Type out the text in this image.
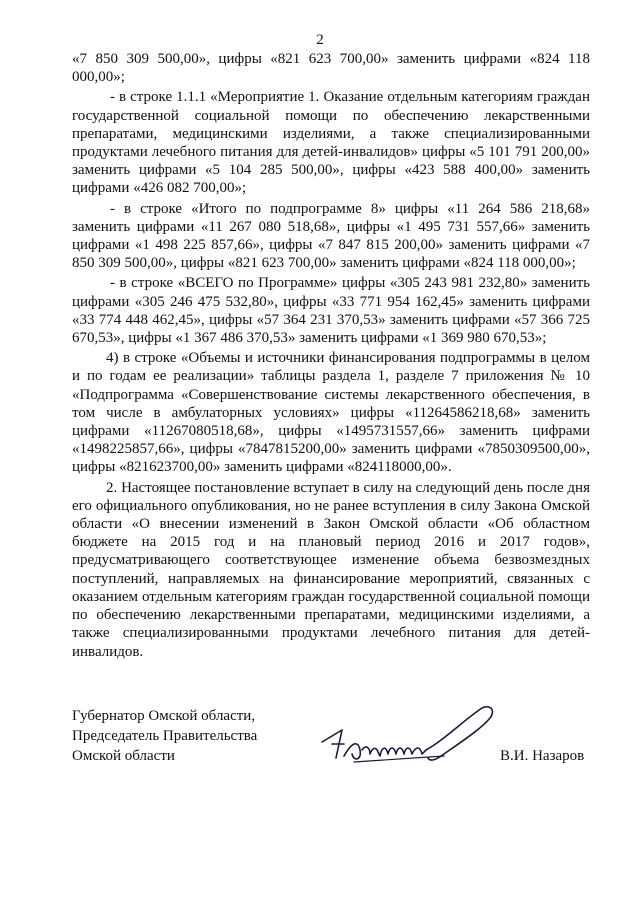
2

«7 850 309 500,00», цифры «821 623 700,00» заменить цифрами «824 118 000,00»;

- в строке 1.1.1 «Мероприятие 1. Оказание отдельным категориям граждан государственной социальной помощи по обеспечению лекарственными препаратами, медицинскими изделиями, а также специализированными продуктами лечебного питания для детей-инвалидов» цифры «5 101 791 200,00» заменить цифрами «5 104 285 500,00», цифры «423 588 400,00» заменить цифрами «426 082 700,00»;

- в строке «Итого по подпрограмме 8» цифры «11 264 586 218,68» заменить цифрами «11 267 080 518,68», цифры «1 495 731 557,66» заменить цифрами «1 498 225 857,66», цифры «7 847 815 200,00» заменить цифрами «7 850 309 500,00», цифры «821 623 700,00» заменить цифрами «824 118 000,00»;

- в строке «ВСЕГО по Программе» цифры «305 243 981 232,80» заменить цифрами «305 246 475 532,80», цифры «33 771 954 162,45» заменить цифрами «33 774 448 462,45», цифры «57 364 231 370,53» заменить цифрами «57 366 725 670,53», цифры «1 367 486 370,53» заменить цифрами «1 369 980 670,53»;

4) в строке «Объемы и источники финансирования подпрограммы в целом и по годам ее реализации» таблицы раздела 1, разделе 7 приложения № 10 «Подпрограмма «Совершенствование системы лекарственного обеспечения, в том числе в амбулаторных условиях» цифры «11264586218,68» заменить цифрами «11267080518,68», цифры «1495731557,66» заменить цифрами «1498225857,66», цифры «7847815200,00» заменить цифрами «7850309500,00», цифры «821623700,00» заменить цифрами «824118000,00».

2. Настоящее постановление вступает в силу на следующий день после дня его официального опубликования, но не ранее вступления в силу Закона Омской области «О внесении изменений в Закон Омской области «Об областном бюджете на 2015 год и на плановый период 2016 и 2017 годов», предусматривающего соответствующее изменение объема безвозмездных поступлений, направляемых на финансирование мероприятий, связанных с оказанием отдельным категориям граждан государственной социальной помощи по обеспечению лекарственными препаратами, медицинскими изделиями, а также специализированными продуктами лечебного питания для детей-инвалидов.

Губернатор Омской области,
Председатель Правительства
Омской области	В.И. Назаров
